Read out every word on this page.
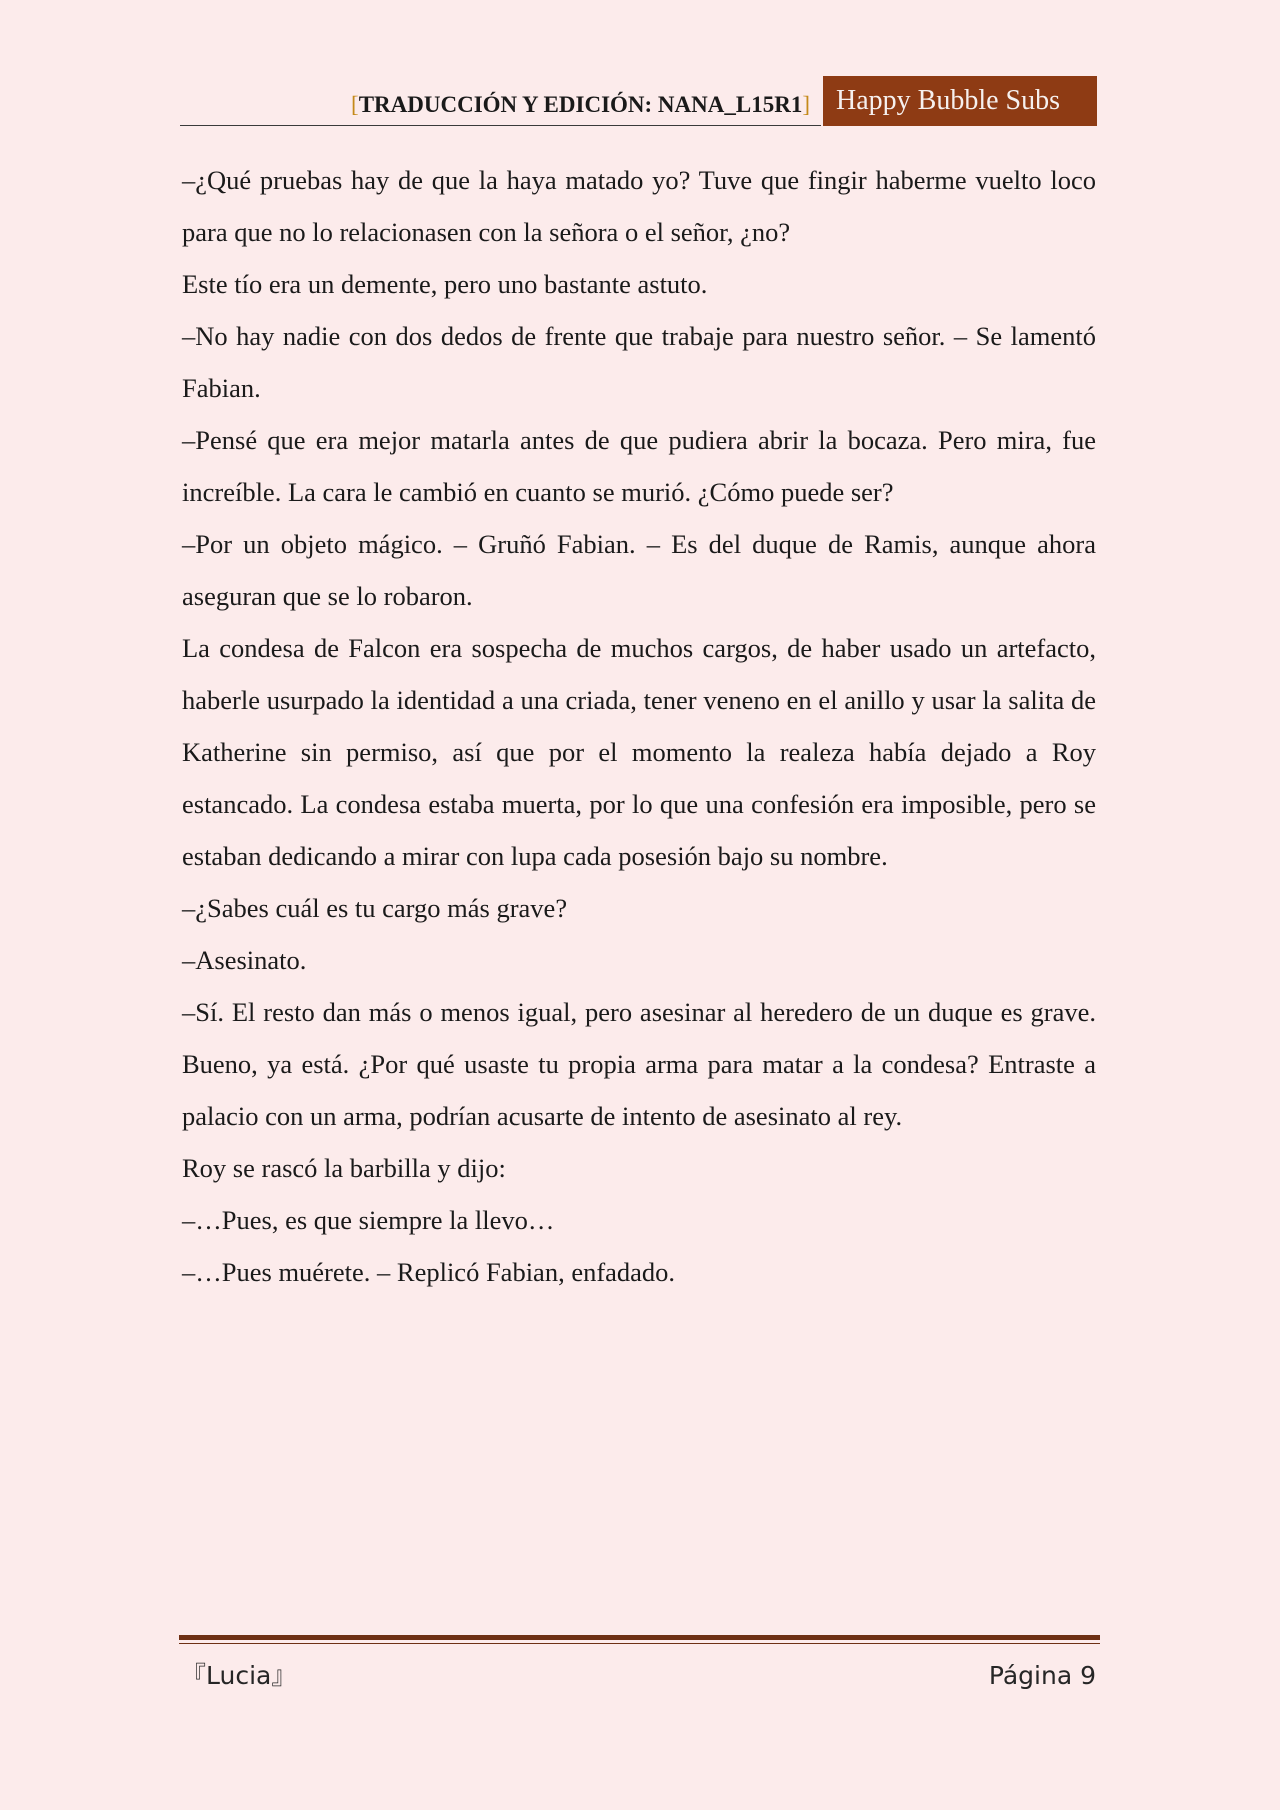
[TRADUCCIÓN Y EDICIÓN: NANA_L15R1] Happy Bubble Subs

–¿Qué pruebas hay de que la haya matado yo? Tuve que fingir haberme vuelto loco para que no lo relacionasen con la señora o el señor, ¿no?

Este tío era un demente, pero uno bastante astuto.

–No hay nadie con dos dedos de frente que trabaje para nuestro señor. – Se lamentó Fabian.

–Pensé que era mejor matarla antes de que pudiera abrir la bocaza. Pero mira, fue increíble. La cara le cambió en cuanto se murió. ¿Cómo puede ser?

–Por un objeto mágico. – Gruñó Fabian. – Es del duque de Ramis, aunque ahora aseguran que se lo robaron.

La condesa de Falcon era sospecha de muchos cargos, de haber usado un artefacto, haberle usurpado la identidad a una criada, tener veneno en el anillo y usar la salita de Katherine sin permiso, así que por el momento la realeza había dejado a Roy estancado. La condesa estaba muerta, por lo que una confesión era imposible, pero se estaban dedicando a mirar con lupa cada posesión bajo su nombre.

–¿Sabes cuál es tu cargo más grave?

–Asesinato.

–Sí. El resto dan más o menos igual, pero asesinar al heredero de un duque es grave. Bueno, ya está. ¿Por qué usaste tu propia arma para matar a la condesa? Entraste a palacio con un arma, podrían acusarte de intento de asesinato al rey.

Roy se rascó la barbilla y dijo:

–…Pues, es que siempre la llevo…

–…Pues muérete. – Replicó Fabian, enfadado.

『Lucia』	Página 9
